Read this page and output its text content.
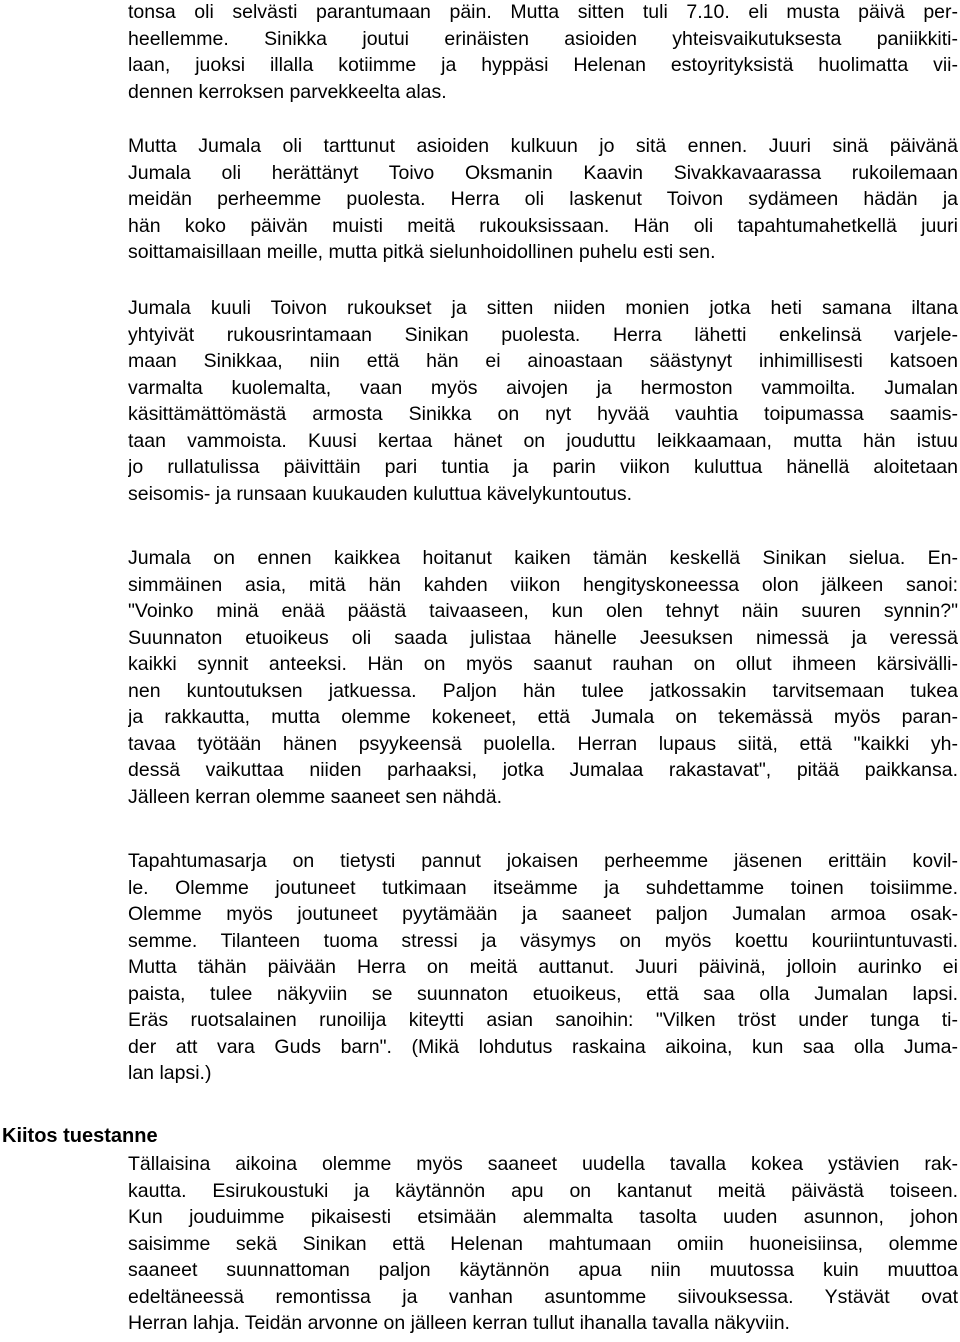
tonsa oli selvästi parantumaan päin. Mutta sitten tuli 7.10. eli musta päivä per-
heellemme. Sinikka joutui erinäisten asioiden yhteisvaikutuksesta paniikkiti-
laan, juoksi illalla kotiimme ja hyppäsi Helenan estoyrityksistä huolimatta vii-
dennen kerroksen parvekkeelta alas.
Mutta Jumala oli tarttunut asioiden kulkuun jo sitä ennen. Juuri sinä päivänä
Jumala oli herättänyt Toivo Oksmanin Kaavin Sivakkavaarassa rukoilemaan
meidän perheemme puolesta. Herra oli laskenut Toivon sydämeen hädän ja
hän koko päivän muisti meitä rukouksissaan. Hän oli tapahtumahetkellä juuri
soittamaisillaan meille, mutta pitkä sielunhoidollinen puhelu esti sen.
Jumala kuuli Toivon rukoukset ja sitten niiden monien jotka heti samana iltana
yhtyivät rukousrintamaan Sinikan puolesta. Herra lähetti enkelinsä varjele-
maan Sinikkaa, niin että hän ei ainoastaan säästynyt inhimillisesti katsoen
varmalta kuolemalta, vaan myös aivojen ja hermoston vammoilta. Jumalan
käsittämättömästä armosta Sinikka on nyt hyvää vauhtia toipumassa saamis-
taan vammoista. Kuusi kertaa hänet on jouduttu leikkaamaan, mutta hän istuu
jo rullatulissa päivittäin pari tuntia ja parin viikon kuluttua hänellä aloitetaan
seisomis- ja runsaan kuukauden kuluttua kävelykuntoutus.
Jumala on ennen kaikkea hoitanut kaiken tämän keskellä Sinikan sielua. En-
simmäinen asia, mitä hän kahden viikon hengityskoneessa olon jälkeen sanoi:
"Voinko minä enää päästä taivaaseen, kun olen tehnyt näin suuren synnin?"
Suunnaton etuoikeus oli saada julistaa hänelle Jeesuksen nimessä ja veressä
kaikki synnit anteeksi. Hän on myös saanut rauhan on ollut ihmeen kärsivälli-
nen kuntoutuksen jatkuessa. Paljon hän tulee jatkossakin tarvitsemaan tukea
ja rakkautta, mutta olemme kokeneet, että Jumala on tekemässä myös paran-
tavaa työtään hänen psyykeensä puolella. Herran lupaus siitä, että "kaikki yh-
dessä vaikuttaa niiden parhaaksi, jotka Jumalaa rakastavat", pitää paikkansa.
Jälleen kerran olemme saaneet sen nähdä.
Tapahtumasarja on tietysti pannut jokaisen perheemme jäsenen erittäin kovil-
le. Olemme joutuneet tutkimaan itseämme ja suhdettamme toinen toisiimme.
Olemme myös joutuneet pyytämään ja saaneet paljon Jumalan armoa osak-
semme. Tilanteen tuoma stressi ja väsymys on myös koettu kouriintuntuvasti.
Mutta tähän päivään Herra on meitä auttanut. Juuri päivinä, jolloin aurinko ei
paista, tulee näkyviin se suunnaton etuoikeus, että saa olla Jumalan lapsi.
Eräs ruotsalainen runoilija kiteytti asian sanoihin: "Vilken tröst under tunga ti-
der att vara Guds barn". (Mikä lohdutus raskaina aikoina, kun saa olla Juma-
lan lapsi.)
Kiitos tuestanne
Tällaisina aikoina olemme myös saaneet uudella tavalla kokea ystävien rak-
kautta. Esirukoustuki ja käytännön apu on kantanut meitä päivästä toiseen.
Kun jouduimme pikaisesti etsimään alemmalta tasolta uuden asunnon, johon
saisimme sekä Sinikan että Helenan mahtumaan omiin huoneisiinsa, olemme
saaneet suunnattoman paljon käytännön apua niin muutossa kuin muuttoa
edeltäneessä remontissa ja vanhan asuntomme siivouksessa. Ystävät ovat
Herran lahja. Teidän arvonne on jälleen kerran tullut ihanalla tavalla näkyviin.
